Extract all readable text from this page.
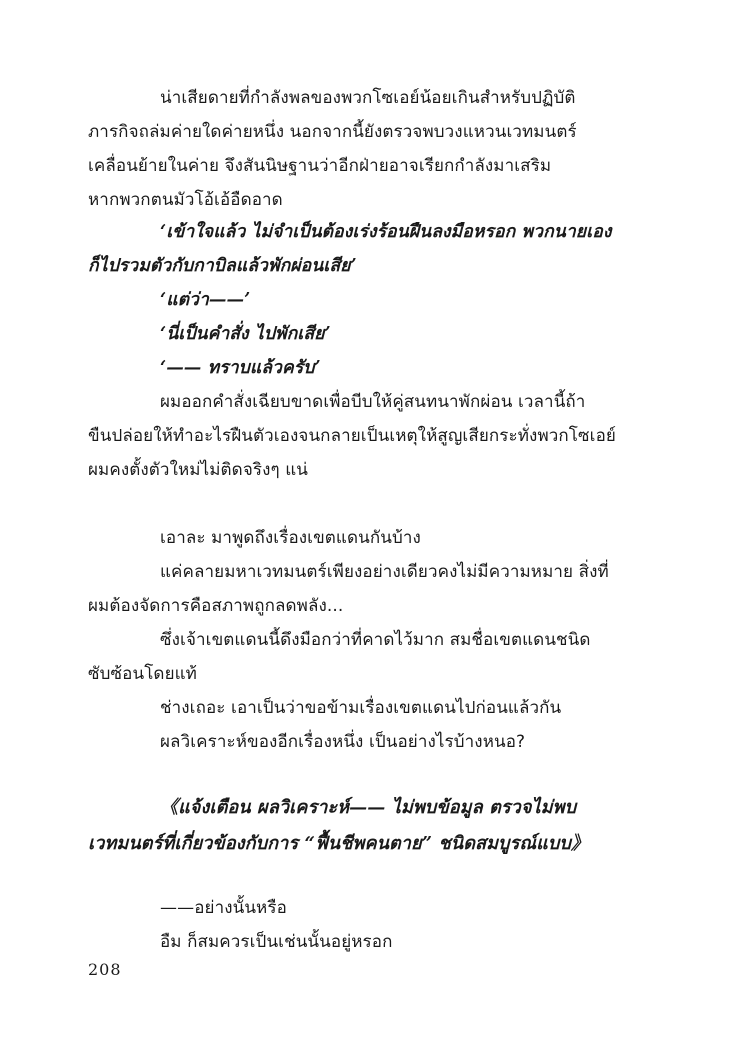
น่าเสียดายที่กำลังพลของพวกโซเอย์น้อยเกินสำหรับปฏิบัติ
ภารกิจถล่มค่ายใดค่ายหนึ่ง นอกจากนี้ยังตรวจพบวงแหวนเวทมนตร์
เคลื่อนย้ายในค่าย จึงสันนิษฐานว่าอีกฝ่ายอาจเรียกกำลังมาเสริม
หากพวกตนมัวโอ้เอ้อืดอาด
‘เข้าใจแล้ว ไม่จำเป็นต้องเร่งร้อนฝืนลงมือหรอก พวกนายเอง
ก็ไปรวมตัวกับกาบิลแล้วพักผ่อนเสีย’
‘แต่ว่า——’
‘นี่เป็นคำสั่ง ไปพักเสีย’
‘—— ทราบแล้วครับ’
ผมออกคำสั่งเฉียบขาดเพื่อบีบให้คู่สนทนาพักผ่อน เวลานี้ถ้า
ขืนปล่อยให้ทำอะไรฝืนตัวเองจนกลายเป็นเหตุให้สูญเสียกระทั่งพวกโซเอย์
ผมคงตั้งตัวใหม่ไม่ติดจริงๆ แน่
เอาละ มาพูดถึงเรื่องเขตแดนกันบ้าง
แค่คลายมหาเวทมนตร์เพียงอย่างเดียวคงไม่มีความหมาย สิ่งที่
ผมต้องจัดการคือสภาพถูกลดพลัง...
ซึ่งเจ้าเขตแดนนี้ดึงมือกว่าที่คาดไว้มาก สมชื่อเขตแดนชนิด
ซับซ้อนโดยแท้
ช่างเถอะ เอาเป็นว่าขอข้ามเรื่องเขตแดนไปก่อนแล้วกัน
ผลวิเคราะห์ของอีกเรื่องหนึ่ง เป็นอย่างไรบ้างหนอ?
《แจ้งเตือน ผลวิเคราะห์—— ไม่พบข้อมูล ตรวจไม่พบ
เวทมนตร์ที่เกี่ยวข้องกับการ “ฟื้นชีพคนตาย” ชนิดสมบูรณ์แบบ》
——อย่างนั้นหรือ
อืม ก็สมควรเป็นเช่นนั้นอยู่หรอก
208
